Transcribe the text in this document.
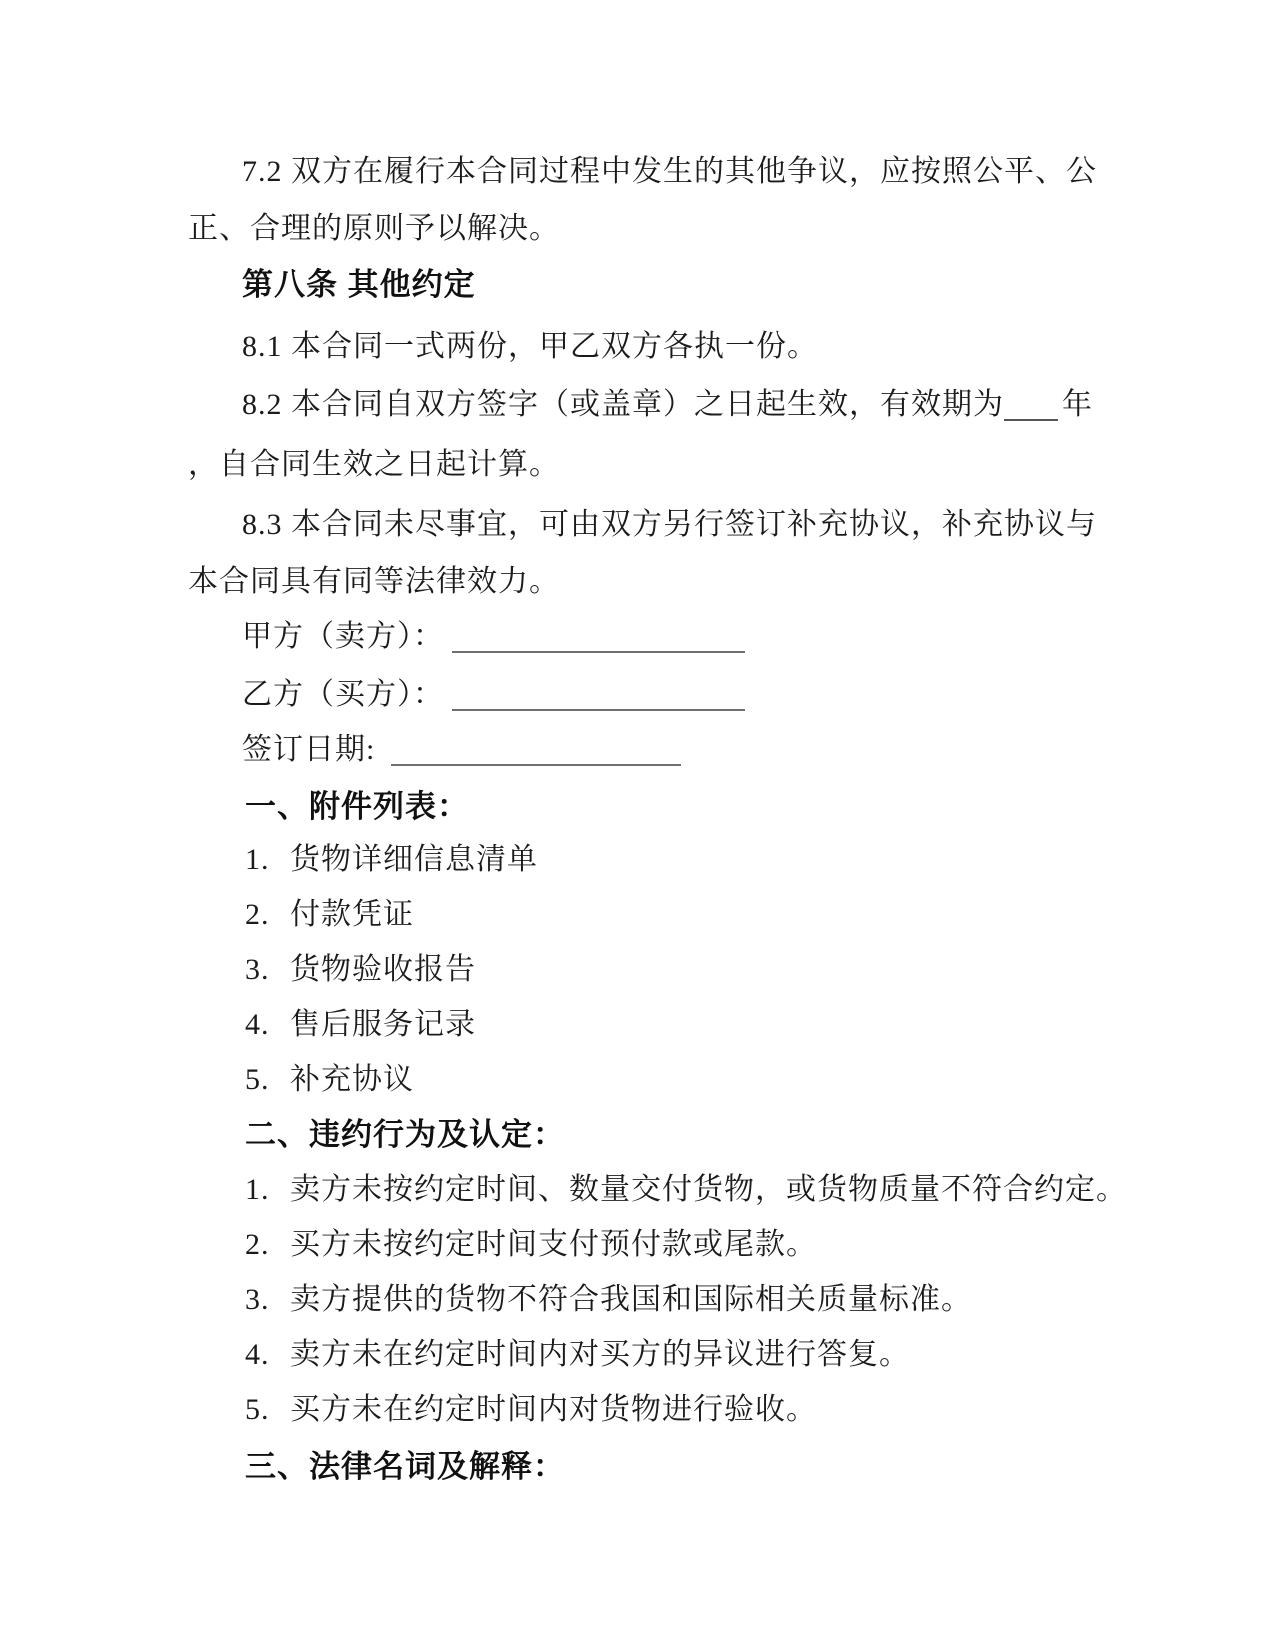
7.2 双方在履行本合同过程中发生的其他争议，应按照公平、公
正、合理的原则予以解决。
第八条 其他约定
8.1 本合同一式两份，甲乙双方各执一份。
8.2 本合同自双方签字（或盖章）之日起生效，有效期为 年
，自合同生效之日起计算。
8.3 本合同未尽事宜，可由双方另行签订补充协议，补充协议与
本合同具有同等法律效力。
甲方（卖方）：
乙方（买方）：
签订日期:
一、附件列表：
1. 货物详细信息清单
2. 付款凭证
3. 货物验收报告
4. 售后服务记录
5. 补充协议
二、违约行为及认定：
1. 卖方未按约定时间、数量交付货物，或货物质量不符合约定。
2. 买方未按约定时间支付预付款或尾款。
3. 卖方提供的货物不符合我国和国际相关质量标准。
4. 卖方未在约定时间内对买方的异议进行答复。
5. 买方未在约定时间内对货物进行验收。
三、法律名词及解释：
